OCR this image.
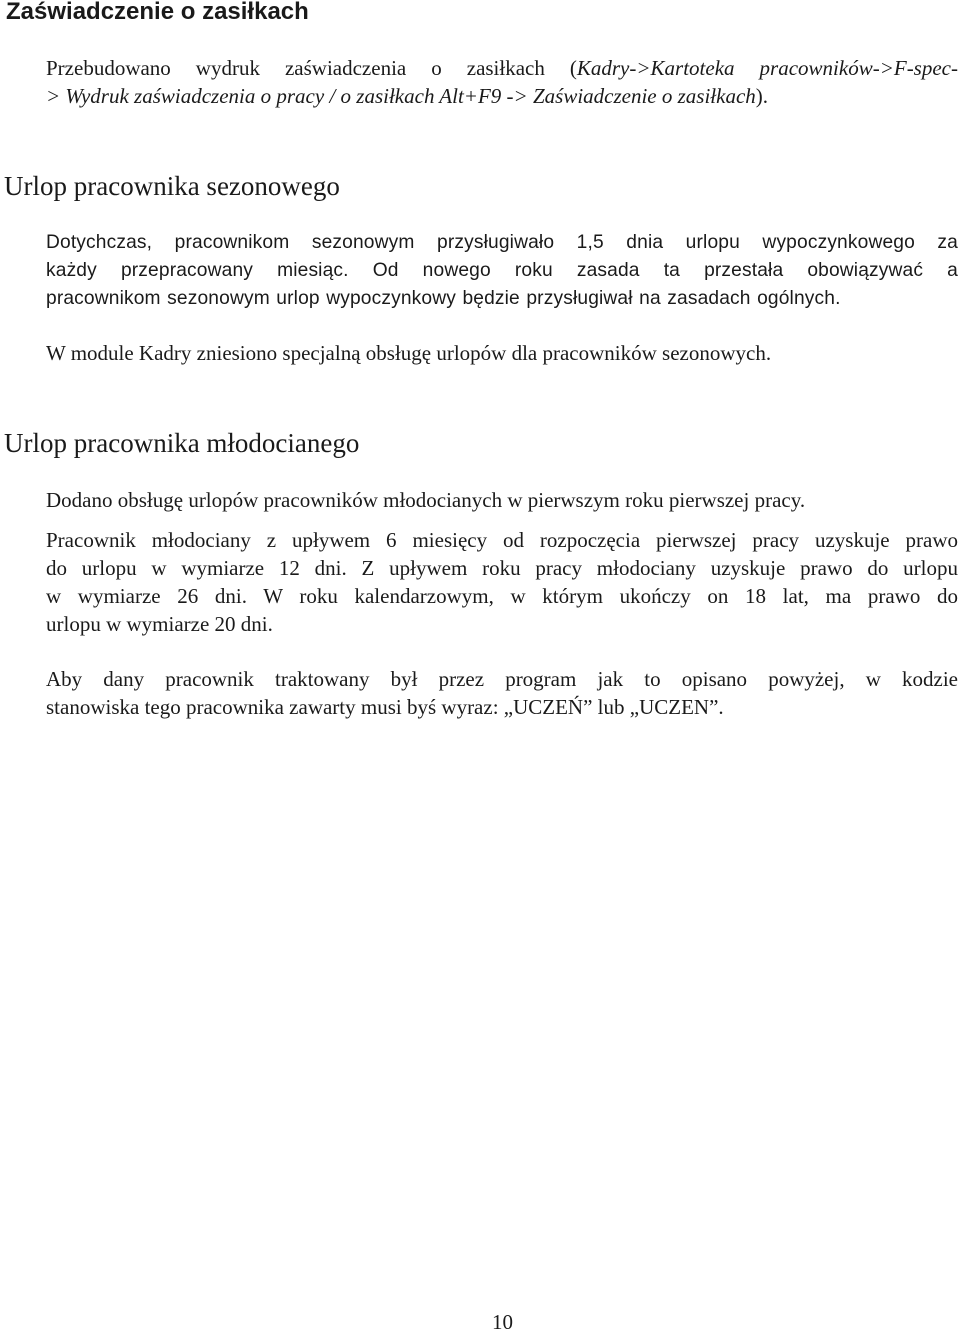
Zaświadczenie o zasiłkach

Przebudowano wydruk zaświadczenia o zasiłkach (Kadry->Kartoteka pracowników->F-spec-
> Wydruk zaświadczenia o pracy / o zasiłkach Alt+F9 -> Zaświadczenie o zasiłkach).

Urlop pracownika sezonowego

Dotychczas, pracownikom sezonowym przysługiwało 1,5 dnia urlopu wypoczynkowego za
każdy przepracowany miesiąc. Od nowego roku zasada ta przestała obowiązywać a
pracownikom sezonowym urlop wypoczynkowy będzie przysługiwał na zasadach ogólnych.

W module Kadry zniesiono specjalną obsługę urlopów dla pracowników sezonowych.

Urlop pracownika młodocianego

Dodano obsługę urlopów pracowników młodocianych w pierwszym roku pierwszej pracy.

Pracownik młodociany z upływem 6 miesięcy od rozpoczęcia pierwszej pracy uzyskuje prawo
do urlopu w wymiarze 12 dni. Z upływem roku pracy młodociany uzyskuje prawo do urlopu
w wymiarze 26 dni. W roku kalendarzowym, w którym ukończy on 18 lat, ma prawo do
urlopu w wymiarze 20 dni.

Aby dany pracownik traktowany był przez program jak to opisano powyżej, w kodzie
stanowiska tego pracownika zawarty musi byś wyraz: „UCZEŃ” lub „UCZEN”.

10
